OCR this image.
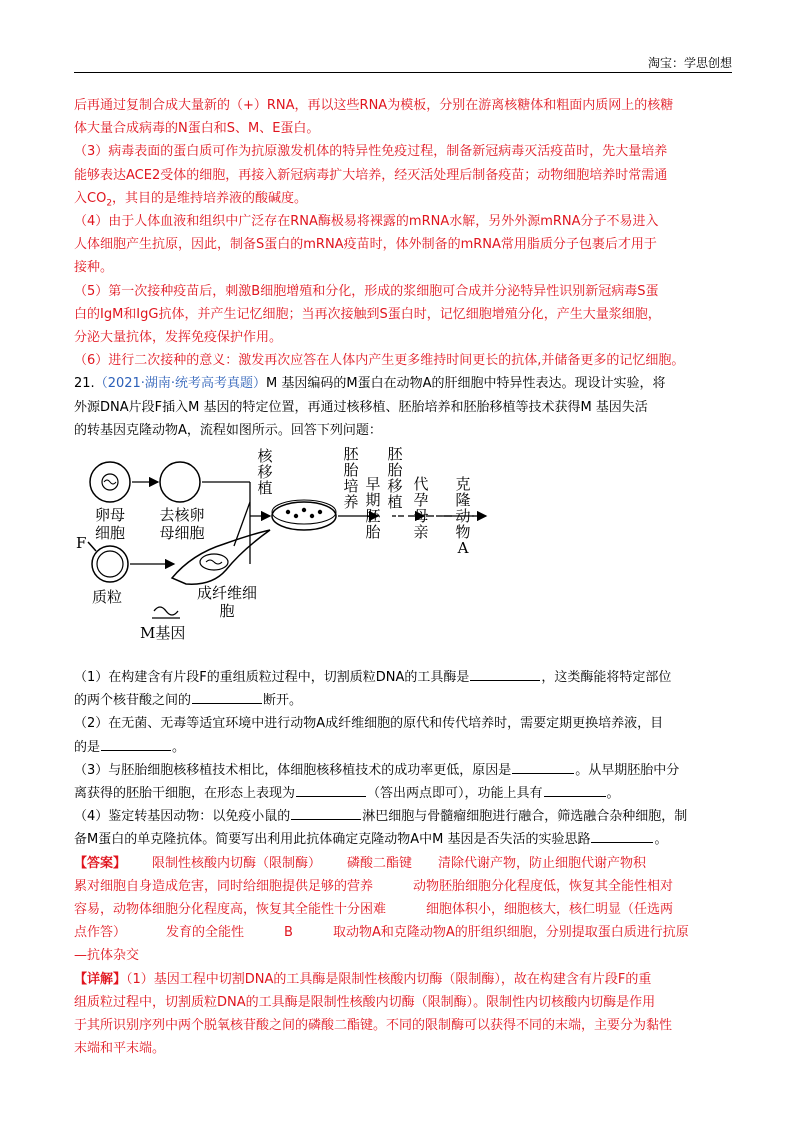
淘宝：学思创想

后再通过复制合成大量新的（+）RNA，再以这些RNA为模板，分别在游离核糖体和粗面内质网上的核糖

体大量合成病毒的N蛋白和S、M、E蛋白。

（3）病毒表面的蛋白质可作为抗原激发机体的特异性免疫过程，制备新冠病毒灭活疫苗时，先大量培养

能够表达ACE2受体的细胞，再接入新冠病毒扩大培养，经灭活处理后制备疫苗；动物细胞培养时常需通

入$CO_2$，其目的是维持培养液的酸碱度。

（4）由于人体血液和组织中广泛存在RNA酶极易将裸露的mRNA水解，另外外源mRNA分子不易进入

人体细胞产生抗原，因此，制备S蛋白的mRNA疫苗时，体外制备的mRNA常用脂质分子包裹后才用于

接种。

（5）第一次接种疫苗后，刺激B细胞增殖和分化，形成的浆细胞可合成并分泌特异性识别新冠病毒S蛋

白的IgM和IgG抗体，并产生记忆细胞；当再次接触到S蛋白时，记忆细胞增殖分化，产生大量浆细胞，

分泌大量抗体，发挥免疫保护作用。

（6）进行二次接种的意义：激发再次应答在人体内产生更多维持时间更长的抗体,并储备更多的记忆细胞。

21.（2021·湖南·统考高考真题）M 基因编码的M蛋白在动物A的肝细胞中特异性表达。现设计实验，将

外源DNA片段F插入M 基因的特定位置，再通过核移植、胚胎培养和胚胎移植等技术获得M 基因失活

的转基因克隆动物A，流程如图所示。回答下列问题：

卵母细胞
去核卵母细胞
核移植
胚胎培养
早期胚胎
胚胎移植
代孕母亲
克隆动物A
F
质粒	成纤维细胞
M基因

（1）在构建含有片段F的重组质粒过程中，切割质粒DNA的工具酶是	，这类酶能将特定部位

的两个核苷酸之间的	断开。

（2）在无菌、无毒等适宜环境中进行动物A成纤维细胞的原代和传代培养时，需要定期更换培养液，目

的是	。

（3）与胚胎细胞核移植技术相比，体细胞核移植技术的成功率更低，原因是	。从早期胚胎中分

离获得的胚胎干细胞，在形态上表现为	（答出两点即可），功能上具有	。

（4）鉴定转基因动物：以免疫小鼠的	淋巴细胞与骨髓瘤细胞进行融合，筛选融合杂种细胞，制

备M蛋白的单克隆抗体。简要写出利用此抗体确定克隆动物A中M 基因是否失活的实验思路	。

【答案】 限制性核酸内切酶（限制酶） 磷酸二酯键 清除代谢产物，防止细胞代谢产物积

累对细胞自身造成危害，同时给细胞提供足够的营养	动物胚胎细胞分化程度低，恢复其全能性相对

容易，动物体细胞分化程度高，恢复其全能性十分困难	细胞体积小，细胞核大，核仁明显（任选两

点作答）	发育的全能性	B	取动物A和克隆动物A的肝组织细胞，分别提取蛋白质进行抗原

—抗体杂交

【详解】（1）基因工程中切割DNA的工具酶是限制性核酸内切酶（限制酶），故在构建含有片段F的重

组质粒过程中，切割质粒DNA的工具酶是限制性核酸内切酶（限制酶）。限制性内切核酸内切酶是作用

于其所识别序列中两个脱氧核苷酸之间的磷酸二酯键。不同的限制酶可以获得不同的末端，主要分为黏性

末端和平末端。
